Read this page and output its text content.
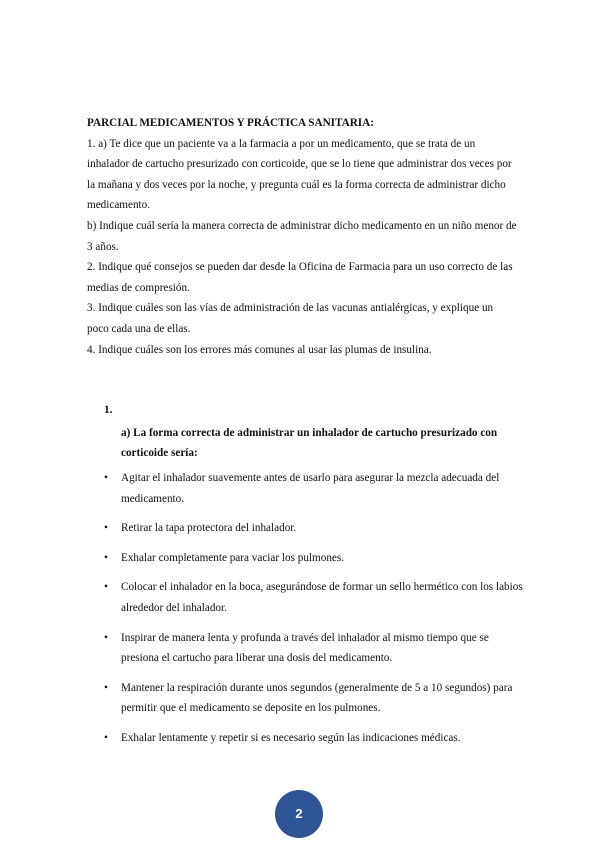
PARCIAL MEDICAMENTOS Y PRÁCTICA SANITARIA:

1. a) Te dice que un paciente va a la farmacia a por un medicamento, que se trata de un inhalador de cartucho presurizado con corticoide, que se lo tiene que administrar dos veces por la mañana y dos veces por la noche, y pregunta cuál es la forma correcta de administrar dicho medicamento.

b) Indique cuál sería la manera correcta de administrar dicho medicamento en un niño menor de 3 años.

2. Indique qué consejos se pueden dar desde la Oficina de Farmacia para un uso correcto de las medias de compresión.

3. Indique cuáles son las vías de administración de las vacunas antialérgicas, y explique un poco cada una de ellas.

4. Indique cuáles son los errores más comunes al usar las plumas de insulina.

1.
a) La forma correcta de administrar un inhalador de cartucho presurizado con corticoide sería:
• Agitar el inhalador suavemente antes de usarlo para asegurar la mezcla adecuada del medicamento.
• Retirar la tapa protectora del inhalador.
• Exhalar completamente para vaciar los pulmones.
• Colocar el inhalador en la boca, asegurándose de formar un sello hermético con los labios alrededor del inhalador.
• Inspirar de manera lenta y profunda a través del inhalador al mismo tiempo que se presiona el cartucho para liberar una dosis del medicamento.
• Mantener la respiración durante unos segundos (generalmente de 5 a 10 segundos) para permitir que el medicamento se deposite en los pulmones.
• Exhalar lentamente y repetir si es necesario según las indicaciones médicas.
2
